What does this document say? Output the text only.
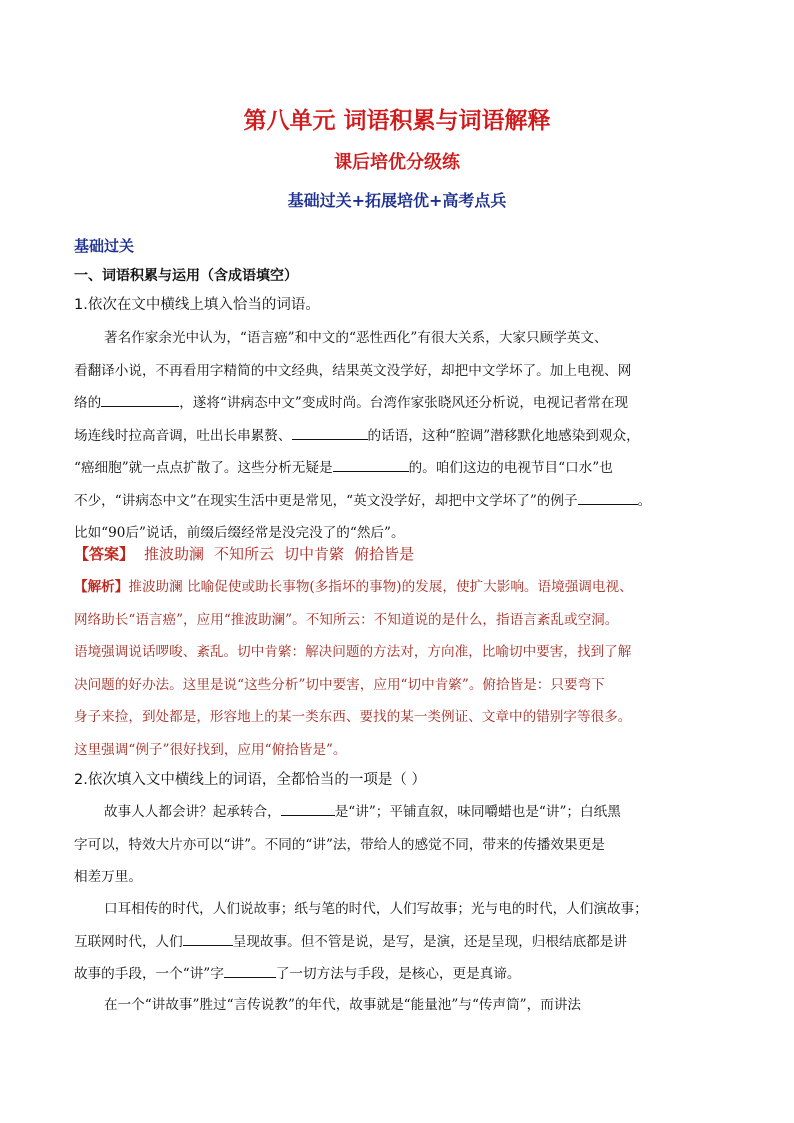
第八单元 词语积累与词语解释
课后培优分级练
基础过关+拓展培优+高考点兵
基础过关
一、词语积累与运用（含成语填空）
1.依次在文中横线上填入恰当的词语。
著名作家余光中认为，“语言癌”和中文的“恶性西化”有很大关系，大家只顾学英文、
看翻译小说，不再看用字精简的中文经典，结果英文没学好，却把中文学坏了。加上电视、网
络的	，遂将“讲病态中文”变成时尚。台湾作家张晓风还分析说，电视记者常在现
场连线时拉高音调，吐出长串累赘、	的话语，这种“腔调”潜移默化地感染到观众，
“癌细胞”就一点点扩散了。这些分析无疑是	的。咱们这边的电视节目“口水”也
不少，“讲病态中文”在现实生活中更是常见，“英文没学好，却把中文学坏了”的例子	。
比如“90后”说话，前缀后缀经常是没完没了的“然后”。
【答案】 推波助澜 不知所云 切中肯綮 俯拾皆是
【解析】推波助澜 比喻促使或助长事物(多指坏的事物)的发展，使扩大影响。语境强调电视、
网络助长“语言癌”，应用“推波助澜”。不知所云：不知道说的是什么，指语言紊乱或空洞。
语境强调说话啰唆、紊乱。切中肯綮：解决问题的方法对，方向准，比喻切中要害，找到了解
决问题的好办法。这里是说“这些分析”切中要害，应用“切中肯綮”。俯拾皆是：只要弯下
身子来捡，到处都是，形容地上的某一类东西、要找的某一类例证、文章中的错别字等很多。
这里强调“例子”很好找到，应用“俯拾皆是”。
2.依次填入文中横线上的词语，全都恰当的一项是（ ）
故事人人都会讲？起承转合，	是“讲”；平铺直叙，味同嚼蜡也是“讲”；白纸黑
字可以，特效大片亦可以“讲”。不同的“讲”法，带给人的感觉不同，带来的传播效果更是
相差万里。
口耳相传的时代，人们说故事；纸与笔的时代，人们写故事；光与电的时代，人们演故事；
互联网时代，人们	呈现故事。但不管是说，是写，是演，还是呈现，归根结底都是讲
故事的手段，一个“讲”字	了一切方法与手段，是核心，更是真谛。
在一个“讲故事”胜过“言传说教”的年代，故事就是“能量池”与“传声筒”，而讲法
